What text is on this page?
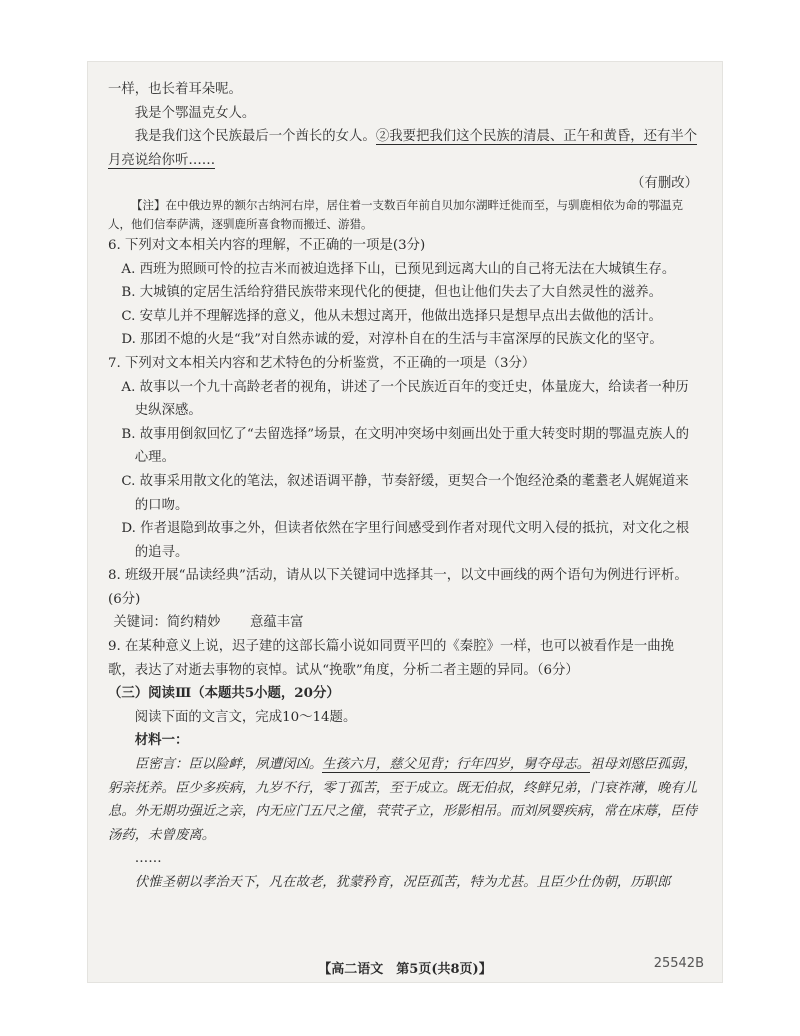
一样，也长着耳朵呢。

我是个鄂温克女人。

我是我们这个民族最后一个酋长的女人。②我要把我们这个民族的清晨、正午和黄昏，还有半个月亮说给你听……

（有删改）

【注】在中俄边界的额尔古纳河右岸，居住着一支数百年前自贝加尔湖畔迁徙而至，与驯鹿相依为命的鄂温克人，他们信奉萨满，逐驯鹿所喜食物而搬迁、游猎。

6. 下列对文本相关内容的理解，不正确的一项是(3分)

A. 西班为照顾可怜的拉吉米而被迫选择下山，已预见到远离大山的自己将无法在大城镇生存。

B. 大城镇的定居生活给狩猎民族带来现代化的便捷，但也让他们失去了大自然灵性的滋养。

C. 安草儿并不理解选择的意义，他从未想过离开，他做出选择只是想早点出去做他的活计。

D. 那团不熄的火是“我”对自然赤诚的爱，对淳朴自在的生活与丰富深厚的民族文化的坚守。

7. 下列对文本相关内容和艺术特色的分析鉴赏，不正确的一项是（3分）

A. 故事以一个九十高龄老者的视角，讲述了一个民族近百年的变迁史，体量庞大，给读者一种历史纵深感。

B. 故事用倒叙回忆了“去留选择”场景，在文明冲突场中刻画出处于重大转变时期的鄂温克族人的心理。

C. 故事采用散文化的笔法，叙述语调平静，节奏舒缓，更契合一个饱经沧桑的耄耋老人娓娓道来的口吻。

D. 作者退隐到故事之外，但读者依然在字里行间感受到作者对现代文明入侵的抵抗，对文化之根的追寻。

8. 班级开展“品读经典”活动，请从以下关键词中选择其一，以文中画线的两个语句为例进行评析。(6分)

关键词：简约精妙 意蕴丰富

9. 在某种意义上说，迟子建的这部长篇小说如同贾平凹的《秦腔》一样，也可以被看作是一曲挽歌，表达了对逝去事物的哀悼。试从“挽歌”角度，分析二者主题的异同。（6分）

（三）阅读Ⅲ（本题共5小题，20分）

阅读下面的文言文，完成10～14题。

材料一：

臣密言：臣以险衅，夙遭闵凶。生孩六月，慈父见背；行年四岁，舅夺母志。祖母刘愍臣孤弱，躬亲抚养。臣少多疾病，九岁不行，零丁孤苦，至于成立。既无伯叔，终鲜兄弟，门衰祚薄，晚有儿息。外无期功强近之亲，内无应门五尺之僮，茕茕孑立，形影相吊。而刘夙婴疾病，常在床蓐，臣侍汤药，未曾废离。

……

伏惟圣朝以孝治天下，凡在故老，犹蒙矜育，况臣孤苦，特为尤甚。且臣少仕伪朝，历职郎

【高二语文　第5页(共8页)】	25542B
